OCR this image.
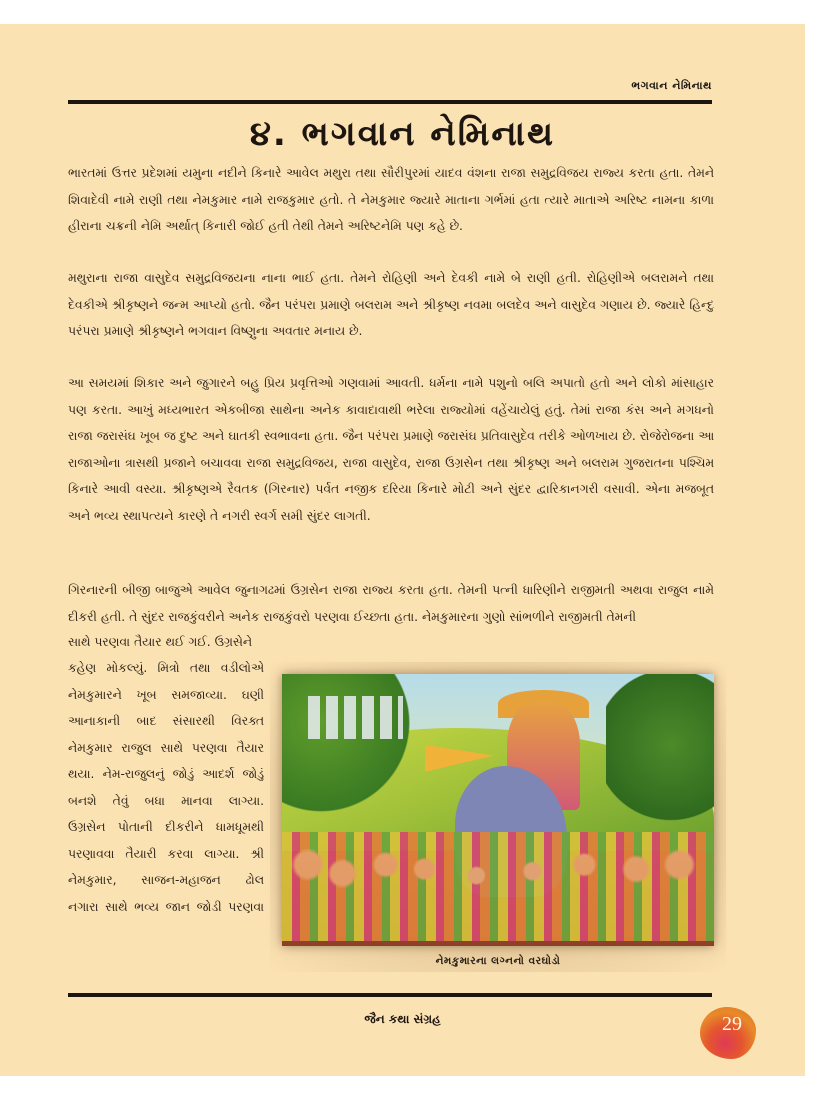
ભગવાન નેમિનાથ
૪. ભગવાન નેમિનાથ
ભારતમાં ઉત્તર પ્રદેશમાં યમુના નદીને કિનારે આવેલ મથુરા તથા સૌરીપુરમાં યાદવ વંશના રાજા સમુદ્રવિજય રાજ્ય કરતા હતા. તેમને શિવાદેવી નામે રાણી તથા નેમકુમાર નામે રાજકુમાર હતો. તે નેમકુમાર જ્યારે માતાના ગર્ભમાં હતા ત્યારે માતાએ અરિષ્ટ નામના કાળા હીરાના ચક્રની નેમિ અર્થાત્ કિનારી જોઈ હતી તેથી તેમને અરિષ્ટનેમિ પણ કહે છે.
મથુરાના રાજા વાસુદેવ સમુદ્રવિજયના નાના ભાઈ હતા. તેમને રોહિણી અને દેવકી નામે બે રાણી હતી. રોહિણીએ બલરામને તથા દેવકીએ શ્રીકૃષ્ણને જન્મ આપ્યો હતો. જૈન પરંપરા પ્રમાણે બલરામ અને શ્રીકૃષ્ણ નવમા બલદેવ અને વાસુદેવ ગણાય છે. જ્યારે હિન્દુ પરંપરા પ્રમાણે શ્રીકૃષ્ણને ભગવાન વિષ્ણુના અવતાર મનાય છે.
આ સમયમાં શિકાર અને જુગારને બહુ પ્રિય પ્રવૃત્તિઓ ગણવામાં આવતી. ધર્મના નામે પશુનો બલિ અપાતો હતો અને લોકો માંસાહાર પણ કરતા. આખું મધ્યભારત એકબીજા સાથેના અનેક કાવાદાવાથી ભરેલા રાજ્યોમાં વહેંચાયેલું હતું. તેમાં રાજા કંસ અને મગધનો રાજા જરાસંઘ ખૂબ જ દુષ્ટ અને ઘાતકી સ્વભાવના હતા. જૈન પરંપરા પ્રમાણે જરાસંઘ પ્રતિવાસુદેવ તરીકે ઓળખાય છે. રોજેરોજના આ રાજાઓના ત્રાસથી પ્રજાને બચાવવા રાજા સમુદ્રવિજય, રાજા વાસુદેવ, રાજા ઉગ્રસેન તથા શ્રીકૃષ્ણ અને બલરામ ગુજરાતના પશ્ચિમ કિનારે આવી વસ્યા. શ્રીકૃષ્ણએ રૈવતક (ગિરનાર) પર્વત નજીક દરિયા કિનારે મોટી અને સુંદર દ્વારિકાનગરી વસાવી. એના મજબૂત અને ભવ્ય સ્થાપત્યને કારણે તે નગરી સ્વર્ગ સમી સુંદર લાગતી.
ગિરનારની બીજી બાજુએ આવેલ જુનાગઢમાં ઉગ્રસેન રાજા રાજ્ય કરતા હતા. તેમની પત્ની ધારિણીને રાજીમતી અથવા રાજુલ નામે દીકરી હતી. તે સુંદર રાજકુંવરીને અનેક રાજકુંવરો પરણવા ઈચ્છતા હતા. નેમકુમારના ગુણો સાંભળીને રાજીમતી તેમની
સાથે પરણવા તૈયાર થઈ ગઈ. ઉગ્રસેને
કહેણ મોકલ્યું. મિત્રો તથા વડીલોએ
નેમકુમારને ખૂબ સમજાવ્યા. ઘણી
આનાકાની બાદ સંસારથી વિરક્ત
નેમકુમાર રાજુલ સાથે પરણવા તૈયાર
થયા. નેમ-રાજુલનું જોડું આદર્શ જોડું
બનશે તેવું બધા માનવા લાગ્યા.
ઉગ્રસેન પોતાની દીકરીને ધામધૂમથી
પરણાવવા તૈયારી કરવા લાગ્યા. શ્રી
નેમકુમાર, સાજન-મહાજન ઢોલ
નગારા સાથે ભવ્ય જાન જોડી પરણવા
નેમકુમારના લગ્નનો વરઘોડો
જૈન કથા સંગ્રહ	29
